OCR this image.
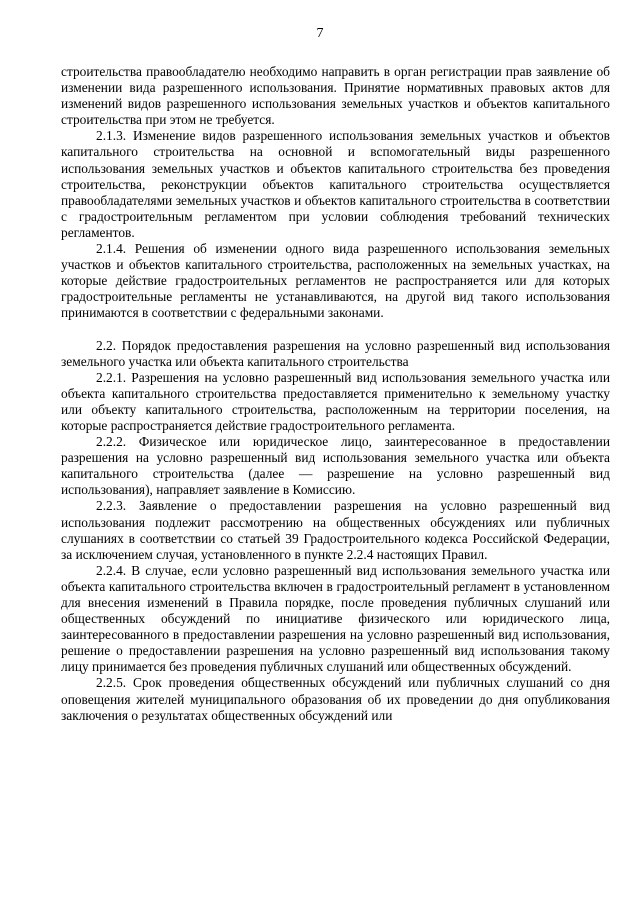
7

строительства правообладателю необходимо направить в орган регистрации прав заявление об изменении вида разрешенного использования. Принятие нормативных правовых актов для изменений видов разрешенного использования земельных участков и объектов капитального строительства при этом не требуется.

2.1.3. Изменение видов разрешенного использования земельных участков и объектов капитального строительства на основной и вспомогательный виды разрешенного использования земельных участков и объектов капитального строительства без проведения строительства, реконструкции объектов капитального строительства осуществляется правообладателями земельных участков и объектов капитального строительства в соответствии с градостроительным регламентом при условии соблюдения требований технических регламентов.

2.1.4. Решения об изменении одного вида разрешенного использования земельных участков и объектов капитального строительства, расположенных на земельных участках, на которые действие градостроительных регламентов не распространяется или для которых градостроительные регламенты не устанавливаются, на другой вид такого использования принимаются в соответствии с федеральными законами.

2.2. Порядок предоставления разрешения на условно разрешенный вид использования земельного участка или объекта капитального строительства

2.2.1. Разрешения на условно разрешенный вид использования земельного участка или объекта капитального строительства предоставляется применительно к земельному участку или объекту капитального строительства, расположенным на территории поселения, на которые распространяется действие градостроительного регламента.

2.2.2. Физическое или юридическое лицо, заинтересованное в предоставлении разрешения на условно разрешенный вид использования земельного участка или объекта капитального строительства (далее — разрешение на условно разрешенный вид использования), направляет заявление в Комиссию.

2.2.3. Заявление о предоставлении разрешения на условно разрешенный вид использования подлежит рассмотрению на общественных обсуждениях или публичных слушаниях в соответствии со статьей 39 Градостроительного кодекса Российской Федерации, за исключением случая, установленного в пункте 2.2.4 настоящих Правил.

2.2.4. В случае, если условно разрешенный вид использования земельного участка или объекта капитального строительства включен в градостроительный регламент в установленном для внесения изменений в Правила порядке, после проведения публичных слушаний или общественных обсуждений по инициативе физического или юридического лица, заинтересованного в предоставлении разрешения на условно разрешенный вид использования, решение о предоставлении разрешения на условно разрешенный вид использования такому лицу принимается без проведения публичных слушаний или общественных обсуждений.

2.2.5. Срок проведения общественных обсуждений или публичных слушаний со дня оповещения жителей муниципального образования об их проведении до дня опубликования заключения о результатах общественных обсуждений или
